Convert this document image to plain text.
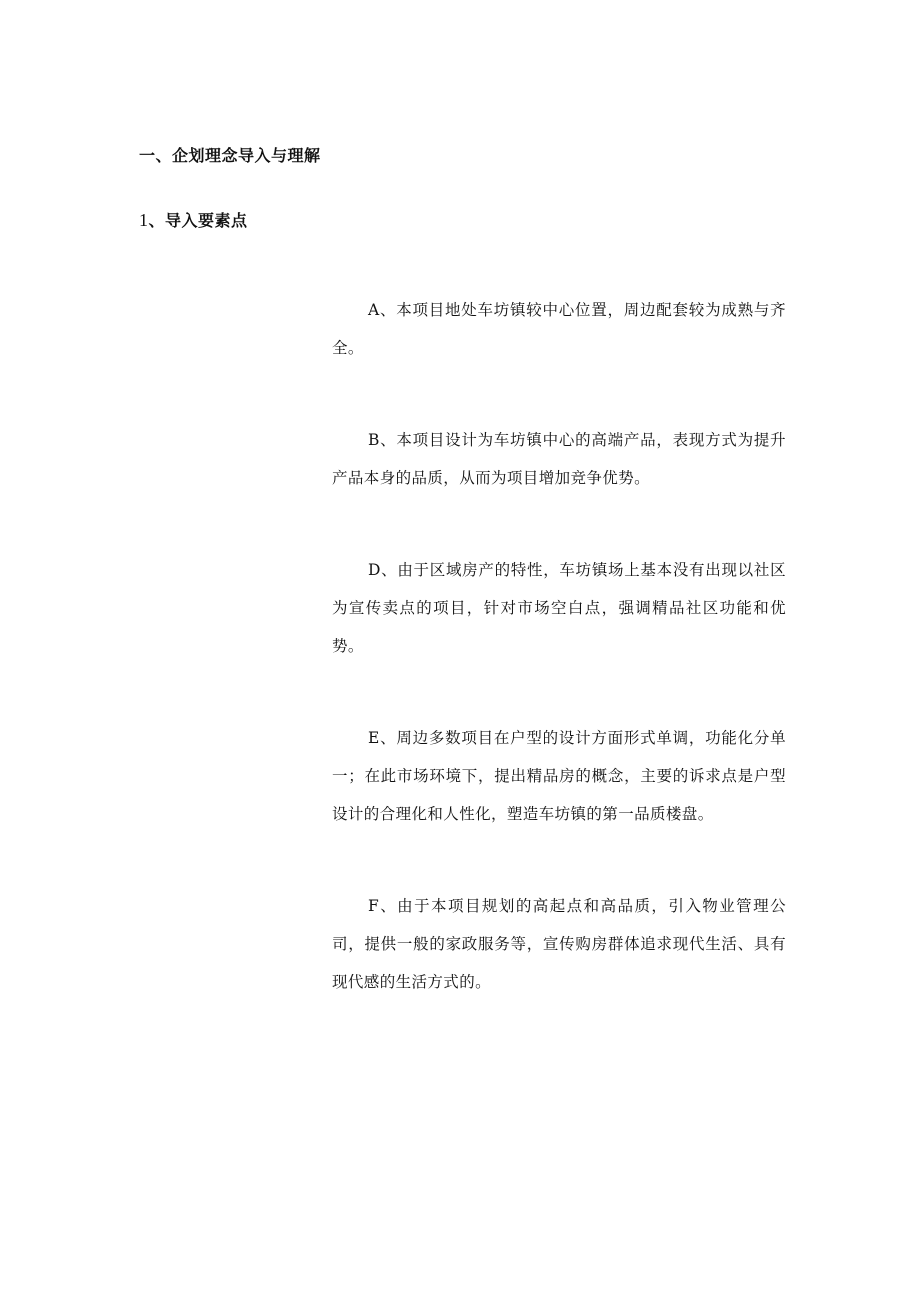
一、企划理念导入与理解
1、导入要素点

A、本项目地处车坊镇较中心位置，周边配套较为成熟与齐全。

B、本项目设计为车坊镇中心的高端产品，表现方式为提升产品本身的品质，从而为项目增加竞争优势。

D、由于区域房产的特性，车坊镇场上基本没有出现以社区为宣传卖点的项目，针对市场空白点，强调精品社区功能和优势。

E、周边多数项目在户型的设计方面形式单调，功能化分单一；在此市场环境下，提出精品房的概念，主要的诉求点是户型设计的合理化和人性化，塑造车坊镇的第一品质楼盘。

F、由于本项目规划的高起点和高品质，引入物业管理公司，提供一般的家政服务等，宣传购房群体追求现代生活、具有现代感的生活方式的。
